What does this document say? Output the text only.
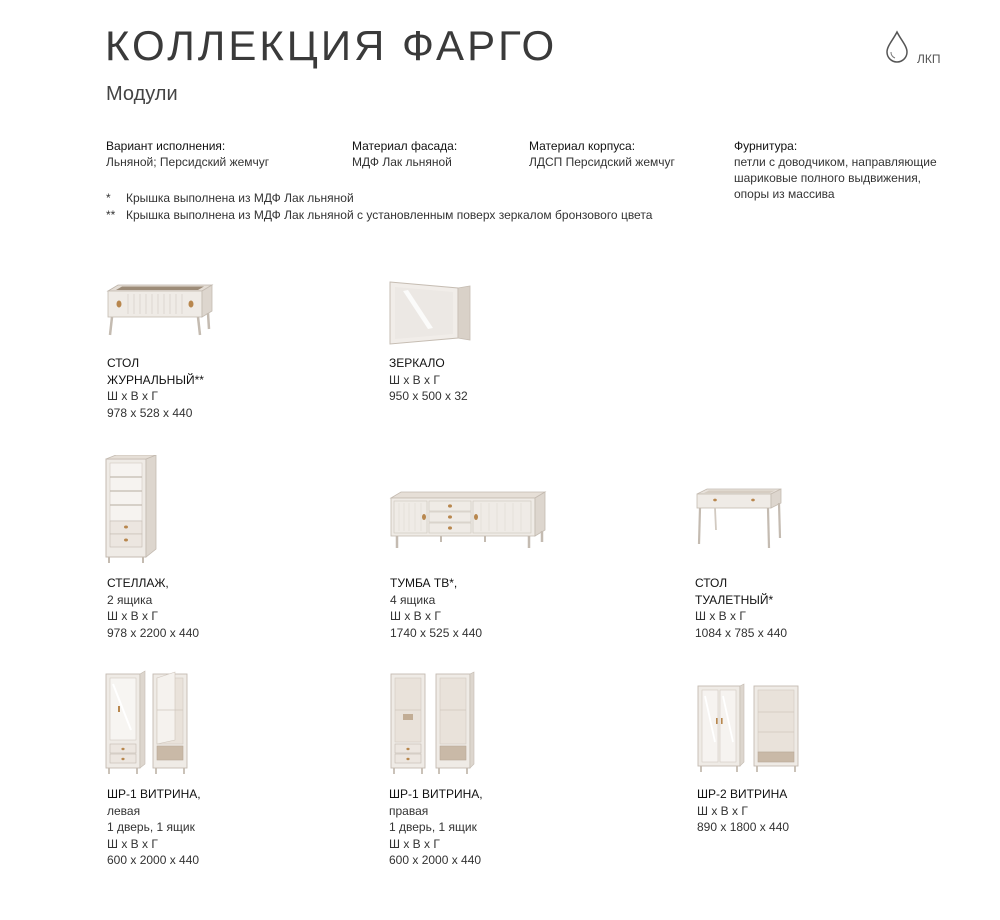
КОЛЛЕКЦИЯ ФАРГО
Модули
ЛКП
Вариант исполнения:
Льняной; Персидский жемчуг
Материал фасада:
МДФ Лак льняной
Материал корпуса:
ЛДСП Персидский жемчуг
Фурнитура:
петли с доводчиком, направляющие
шариковые полного выдвижения,
опоры из массива
* Крышка выполнена из МДФ Лак льняной
** Крышка выполнена из МДФ Лак льняной с установленным поверх зеркалом бронзового цвета
СТОЛ
ЖУРНАЛЬНЫЙ**
Ш х В х Г
978 х 528 х 440
ЗЕРКАЛО
Ш х В х Г
950 х 500 х 32
СТЕЛЛАЖ,
2 ящика
Ш х В х Г
978 х 2200 х 440
ТУМБА ТВ*,
4 ящика
Ш х В х Г
1740 х 525 х 440
СТОЛ
ТУАЛЕТНЫЙ*
Ш х В х Г
1084 х 785 х 440
ШР-1 ВИТРИНА,
левая
1 дверь, 1 ящик
Ш х В х Г
600 х 2000 х 440
ШР-1 ВИТРИНА,
правая
1 дверь, 1 ящик
Ш х В х Г
600 х 2000 х 440
ШР-2 ВИТРИНА
Ш х В х Г
890 х 1800 х 440
